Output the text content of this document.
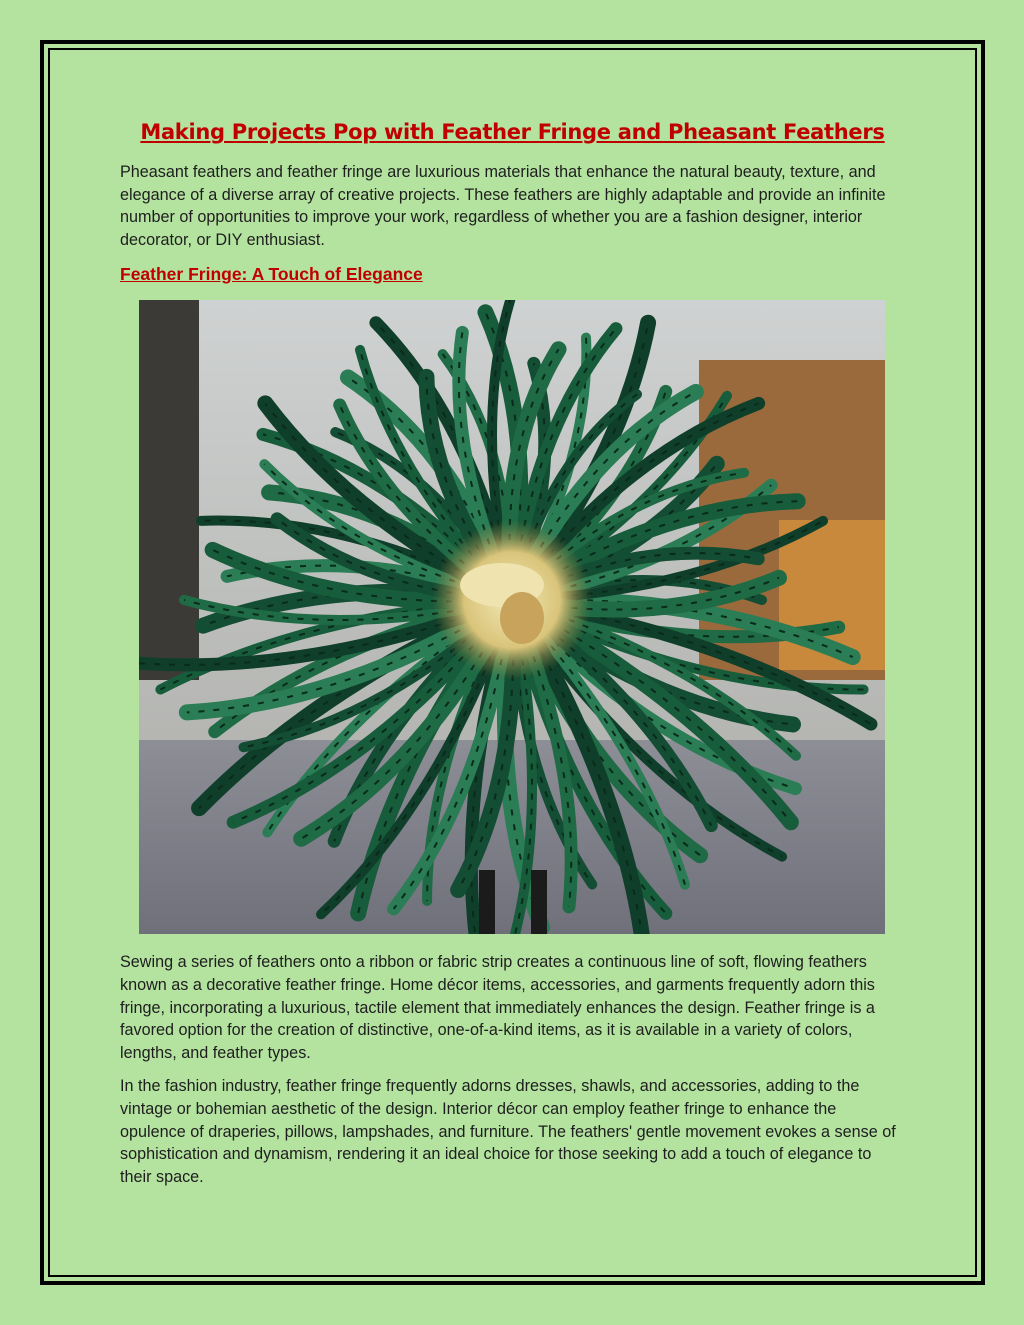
Making Projects Pop with Feather Fringe and Pheasant Feathers

Pheasant feathers and feather fringe are luxurious materials that enhance the natural beauty, texture, and elegance of a diverse array of creative projects. These feathers are highly adaptable and provide an infinite number of opportunities to improve your work, regardless of whether you are a fashion designer, interior decorator, or DIY enthusiast.

Feather Fringe: A Touch of Elegance

Sewing a series of feathers onto a ribbon or fabric strip creates a continuous line of soft, flowing feathers known as a decorative feather fringe. Home décor items, accessories, and garments frequently adorn this fringe, incorporating a luxurious, tactile element that immediately enhances the design. Feather fringe is a favored option for the creation of distinctive, one-of-a-kind items, as it is available in a variety of colors, lengths, and feather types.

In the fashion industry, feather fringe frequently adorns dresses, shawls, and accessories, adding to the vintage or bohemian aesthetic of the design. Interior décor can employ feather fringe to enhance the opulence of draperies, pillows, lampshades, and furniture. The feathers' gentle movement evokes a sense of sophistication and dynamism, rendering it an ideal choice for those seeking to add a touch of elegance to their space.
